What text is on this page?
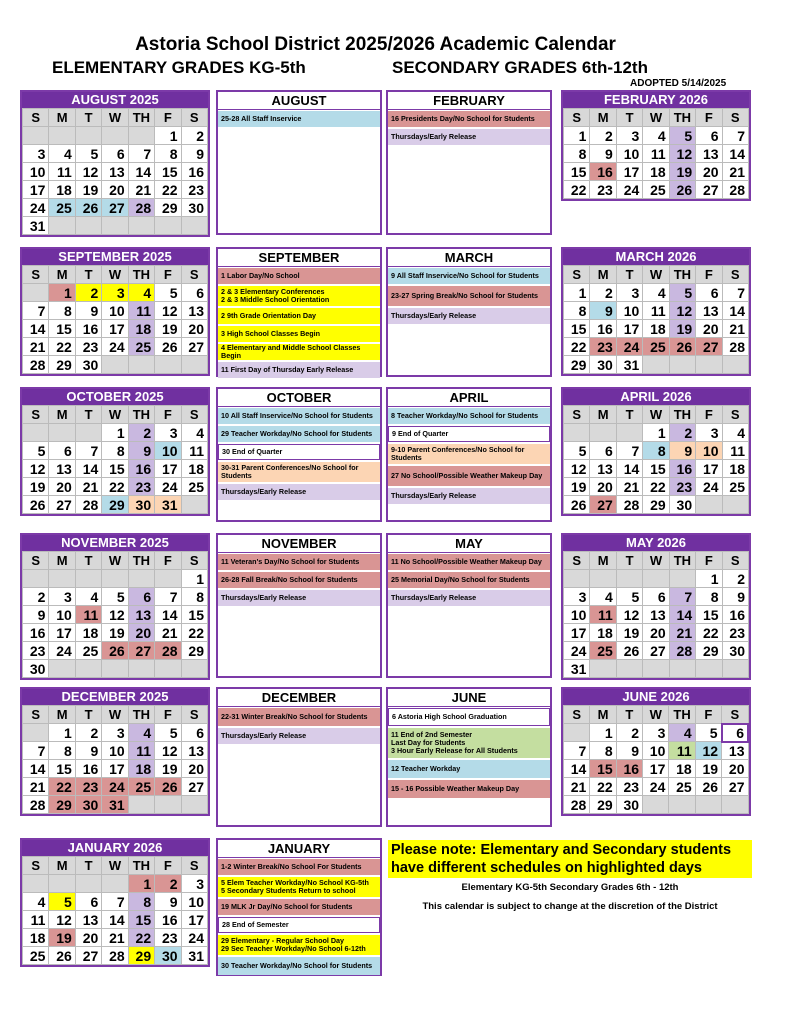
Astoria School District 2025/2026 Academic Calendar
ELEMENTARY GRADES KG-5th	SECONDARY GRADES 6th-12th
ADOPTED 5/14/2025
AUGUST 2025
S	M	T	W	TH	F	S
					1	2
3	4	5	6	7	8	9
10	11	12	13	14	15	16
17	18	19	20	21	22	23
24	25	26	27	28	29	30
31						
FEBRUARY 2026
S	M	T	W	TH	F	S
1	2	3	4	5	6	7
8	9	10	11	12	13	14
15	16	17	18	19	20	21
22	23	24	25	26	27	28
SEPTEMBER 2025
S	M	T	W	TH	F	S
	1	2	3	4	5	6
7	8	9	10	11	12	13
14	15	16	17	18	19	20
21	22	23	24	25	26	27
28	29	30				
MARCH 2026
S	M	T	W	TH	F	S
1	2	3	4	5	6	7
8	9	10	11	12	13	14
15	16	17	18	19	20	21
22	23	24	25	26	27	28
29	30	31				
OCTOBER 2025
S	M	T	W	TH	F	S
			1	2	3	4
5	6	7	8	9	10	11
12	13	14	15	16	17	18
19	20	21	22	23	24	25
26	27	28	29	30	31	
APRIL 2026
S	M	T	W	TH	F	S
			1	2	3	4
5	6	7	8	9	10	11
12	13	14	15	16	17	18
19	20	21	22	23	24	25
26	27	28	29	30		
NOVEMBER 2025
S	M	T	W	TH	F	S
						1
2	3	4	5	6	7	8
9	10	11	12	13	14	15
16	17	18	19	20	21	22
23	24	25	26	27	28	29
30						
MAY 2026
S	M	T	W	TH	F	S
					1	2
3	4	5	6	7	8	9
10	11	12	13	14	15	16
17	18	19	20	21	22	23
24	25	26	27	28	29	30
31						
DECEMBER 2025
S	M	T	W	TH	F	S
	1	2	3	4	5	6
7	8	9	10	11	12	13
14	15	16	17	18	19	20
21	22	23	24	25	26	27
28	29	30	31			
JUNE 2026
S	M	T	W	TH	F	S
	1	2	3	4	5	6
7	8	9	10	11	12	13
14	15	16	17	18	19	20
21	22	23	24	25	26	27
28	29	30				
JANUARY 2026
S	M	T	W	TH	F	S
				1	2	3
4	5	6	7	8	9	10
11	12	13	14	15	16	17
18	19	20	21	22	23	24
25	26	27	28	29	30	31
AUGUST
25-28 All Staff Inservice
FEBRUARY
16 Presidents Day/No School for Students
Thursdays/Early Release
SEPTEMBER
1 Labor Day/No School
2 & 3 Elementary Conferences
2 & 3 Middle School Orientation
2 9th Grade Orientation Day
3 High School Classes Begin
4 Elementary and Middle School Classes Begin
11 First Day of Thursday Early Release
MARCH
9 All Staff Inservice/No School for Students
23-27 Spring Break/No School for Students
Thursdays/Early Release
OCTOBER
10 All Staff Inservice/No School for Students
29 Teacher Workday/No School for Students
30 End of Quarter
30-31 Parent Conferences/No School for Students
Thursdays/Early Release
APRIL
8 Teacher Workday/No School for Students
9 End of Quarter
9-10 Parent Conferences/No School for Students
27 No School/Possible Weather Makeup Day
Thursdays/Early Release
NOVEMBER
11 Veteran's Day/No School for Students
26-28 Fall Break/No School for Students
Thursdays/Early Release
MAY
11 No School/Possible Weather Makeup Day
25 Memorial Day/No School for Students
Thursdays/Early Release
DECEMBER
22-31 Winter Break/No School for Students
Thursdays/Early Release
JUNE
6 Astoria High School Graduation
11 End of 2nd Semester
Last Day for Students
3 Hour Early Release for All Students
12 Teacher Workday
15 - 16 Possible Weather Makeup Day
JANUARY
1-2 Winter Break/No School For Students
5 Elem Teacher Workday/No School KG-5th
5 Secondary Students Return to school
19 MLK Jr Day/No School for Students
28 End of Semester
29 Elementary - Regular School Day
29 Sec Teacher Workday/No School 6-12th
30 Teacher Workday/No School for Students
Please note: Elementary and Secondary students have different schedules on highlighted days
Elementary KG-5th Secondary Grades 6th - 12th
This calendar is subject to change at the discretion of the District
